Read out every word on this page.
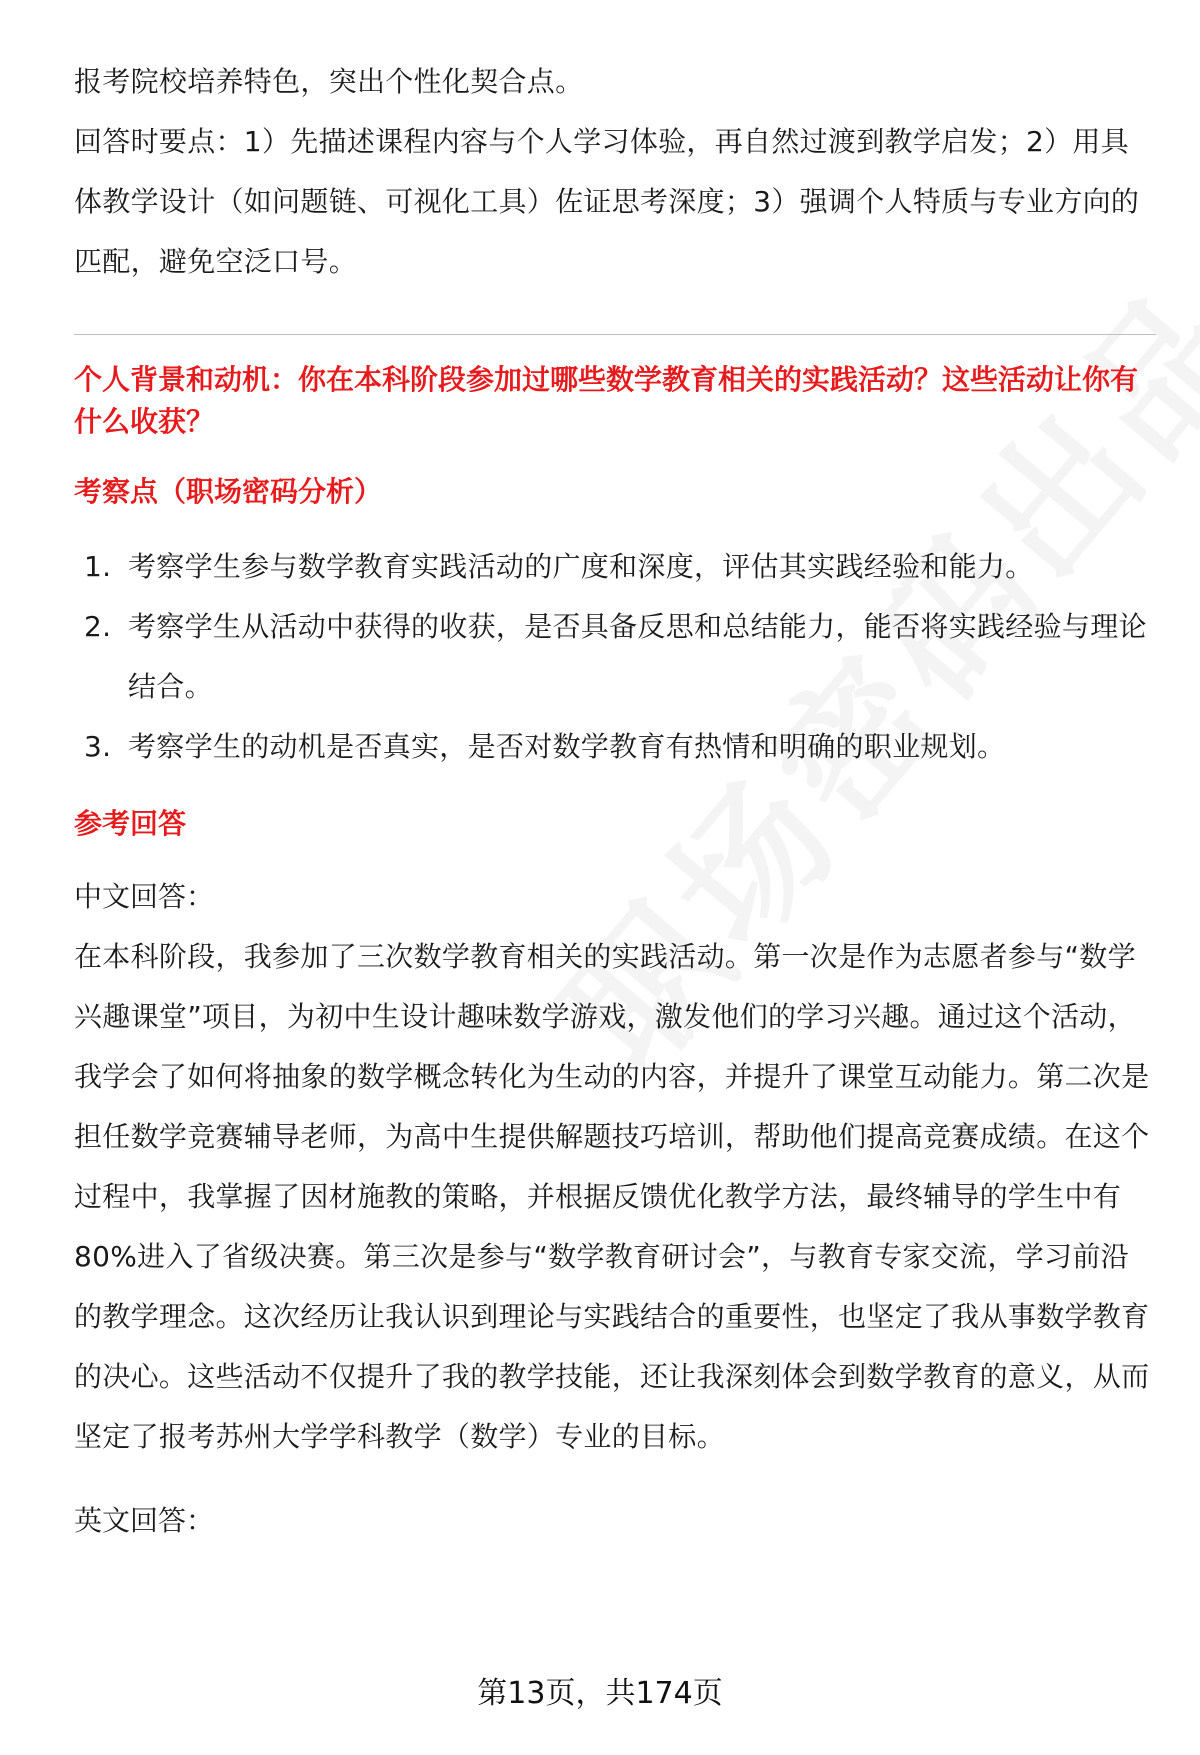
报考院校培养特色，突出个性化契合点。

回答时要点：1）先描述课程内容与个人学习体验，再自然过渡到教学启发；2）用具体教学设计（如问题链、可视化工具）佐证思考深度；3）强调个人特质与专业方向的匹配，避免空泛口号。

个人背景和动机：你在本科阶段参加过哪些数学教育相关的实践活动？这些活动让你有什么收获？

考察点（职场密码分析）

1. 考察学生参与数学教育实践活动的广度和深度，评估其实践经验和能力。
2. 考察学生从活动中获得的收获，是否具备反思和总结能力，能否将实践经验与理论结合。
3. 考察学生的动机是否真实，是否对数学教育有热情和明确的职业规划。

参考回答

中文回答：

在本科阶段，我参加了三次数学教育相关的实践活动。第一次是作为志愿者参与“数学兴趣课堂”项目，为初中生设计趣味数学游戏，激发他们的学习兴趣。通过这个活动，我学会了如何将抽象的数学概念转化为生动的内容，并提升了课堂互动能力。第二次是担任数学竞赛辅导老师，为高中生提供解题技巧培训，帮助他们提高竞赛成绩。在这个过程中，我掌握了因材施教的策略，并根据反馈优化教学方法，最终辅导的学生中有80%进入了省级决赛。第三次是参与“数学教育研讨会”，与教育专家交流，学习前沿的教学理念。这次经历让我认识到理论与实践结合的重要性，也坚定了我从事数学教育的决心。这些活动不仅提升了我的教学技能，还让我深刻体会到数学教育的意义，从而坚定了报考苏州大学学科教学（数学）专业的目标。

英文回答：

第13页，共174页
